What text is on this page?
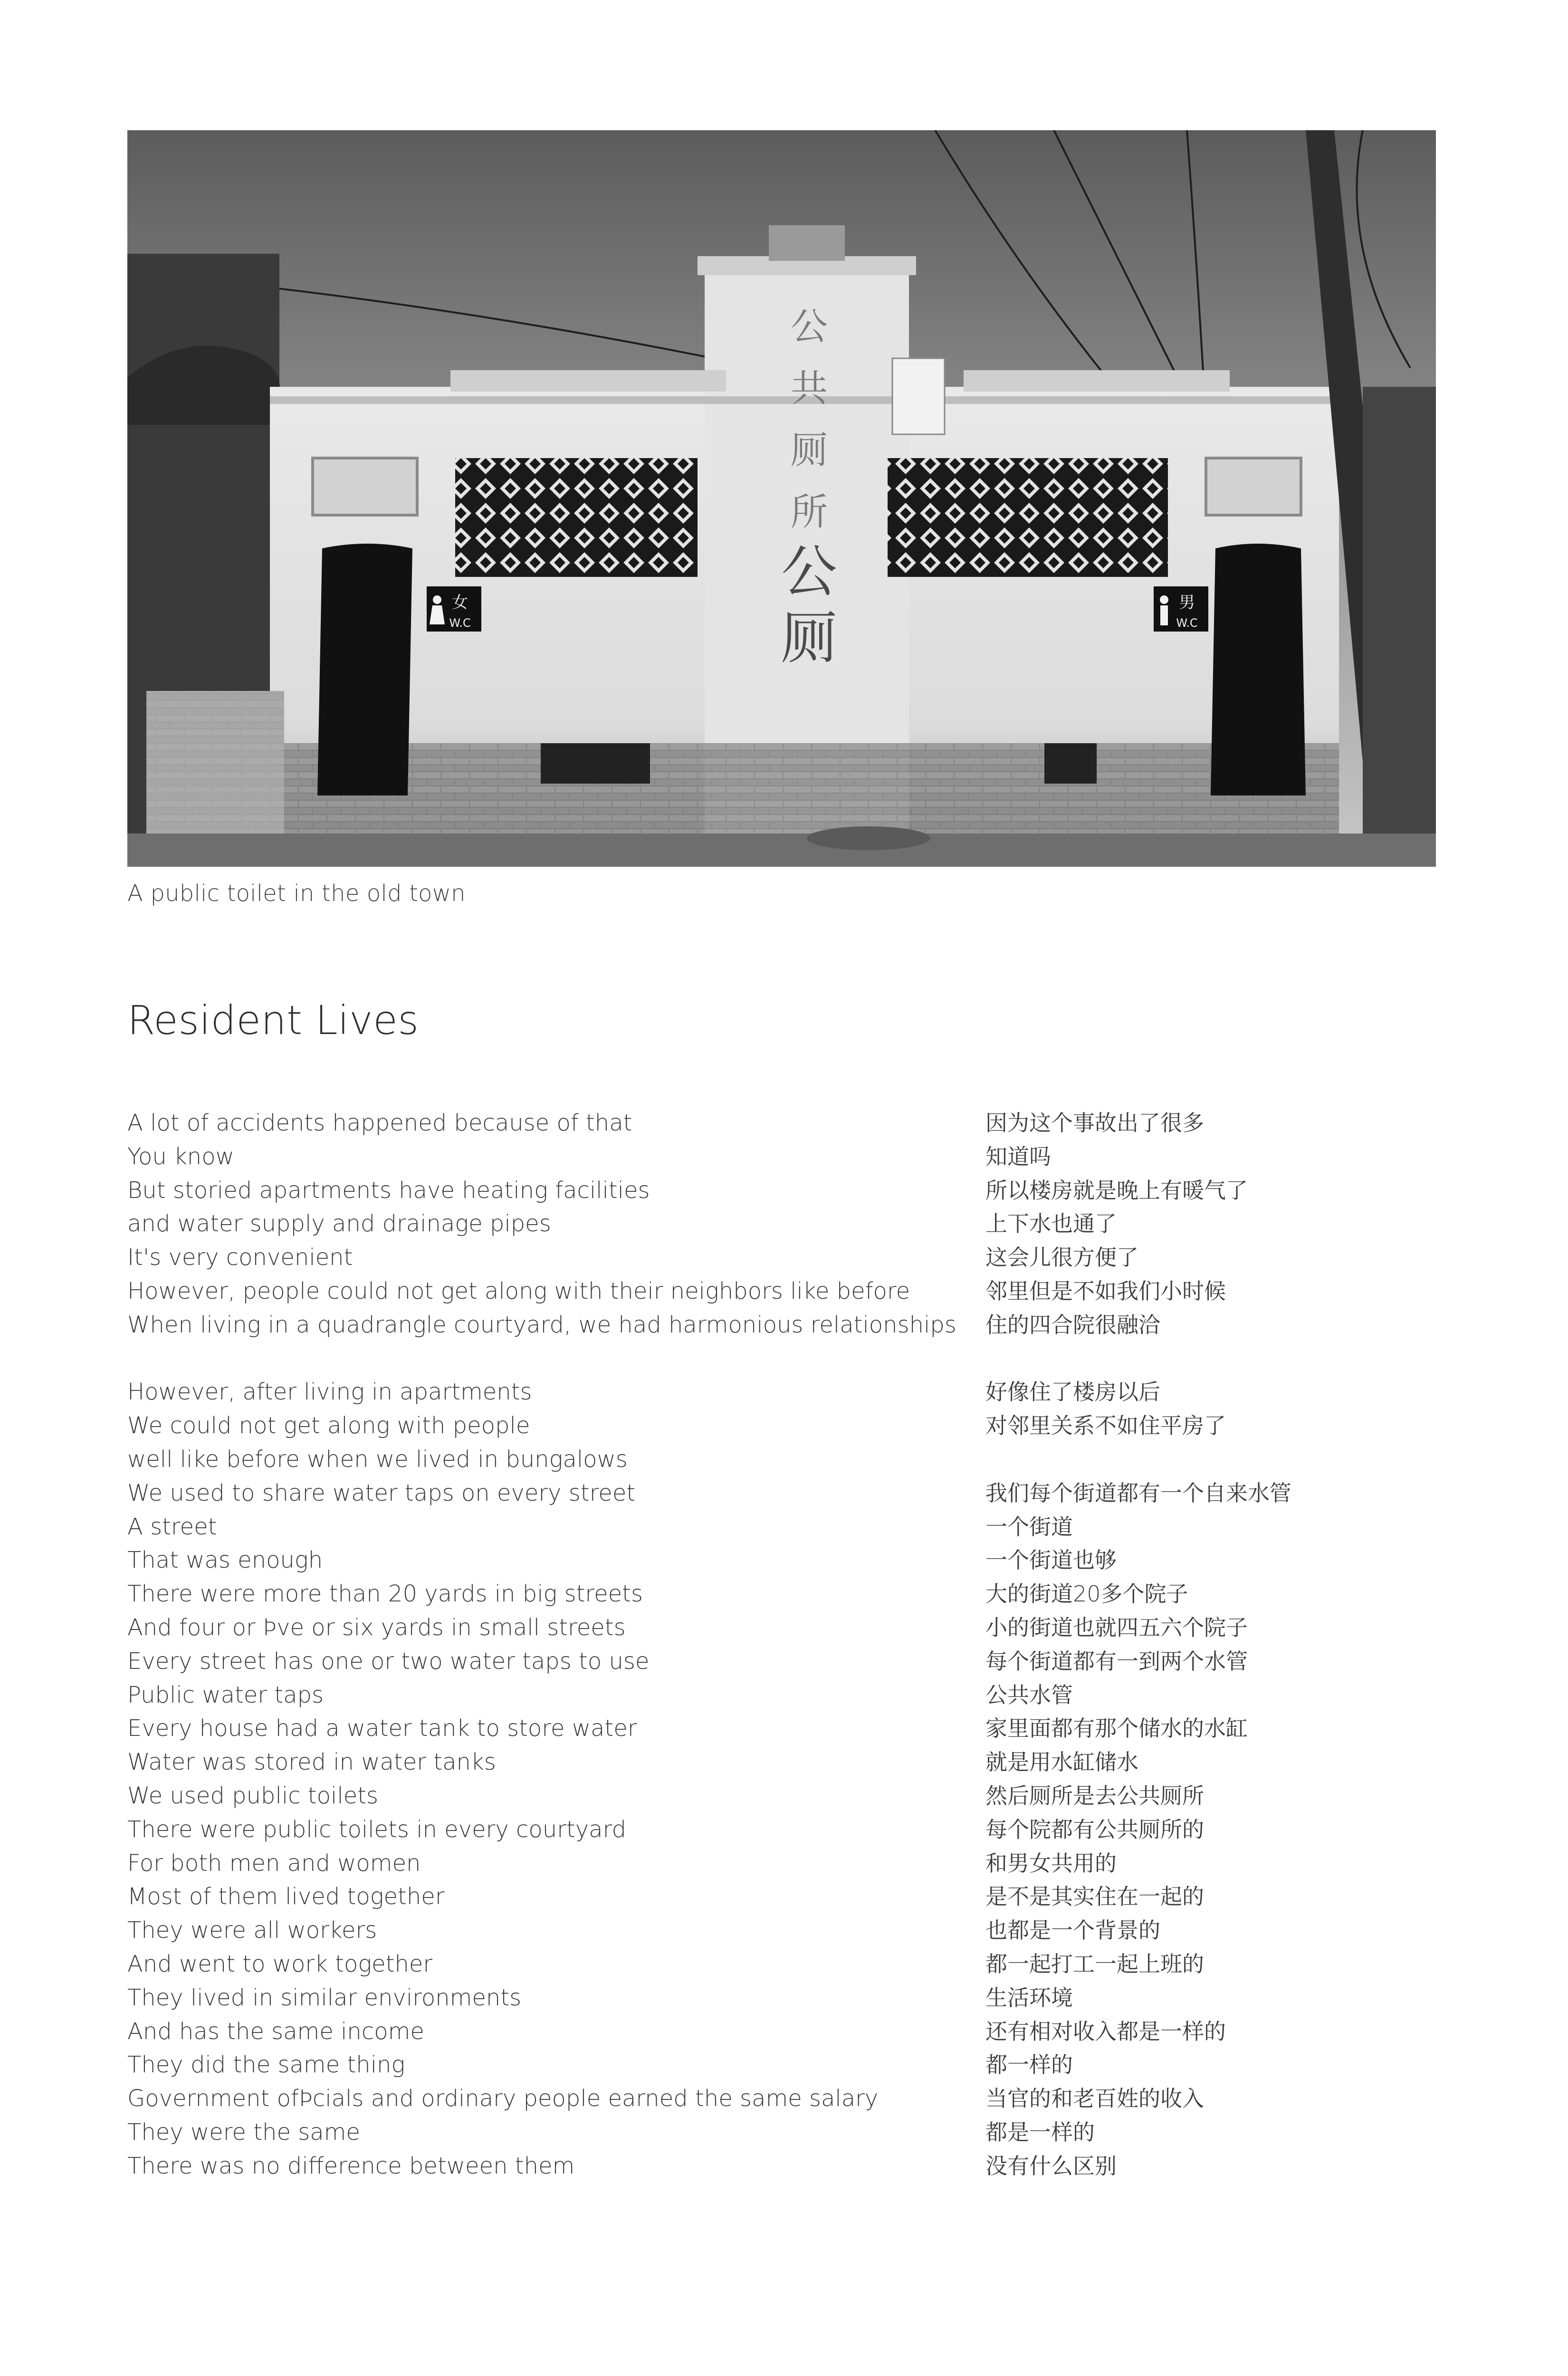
公
共
厕
所
公
厕
女
W.C
男
W.C
A public toilet in the old town
Resident Lives
A lot of accidents happened because of that
You know
But storied apartments have heating facilities
and water supply and drainage pipes
It's very convenient
However, people could not get along with their neighbors like before
When living in a quadrangle courtyard, we had harmonious relationships
However, after living in apartments
We could not get along with people
well like before when we lived in bungalows
We used to share water taps on every street
A street
That was enough
There were more than 20 yards in big streets
And four or Þve or six yards in small streets
Every street has one or two water taps to use
Public water taps
Every house had a water tank to store water
Water was stored in water tanks
We used public toilets
There were public toilets in every courtyard
For both men and women
Most of them lived together
They were all workers
And went to work together
They lived in similar environments
And has the same income
They did the same thing
Government ofÞcials and ordinary people earned the same salary
They were the same
There was no difference between them
因为这个事故出了很多
知道吗
所以楼房就是晚上有暖气了
上下水也通了
这会儿很方便了
邻里但是不如我们小时候
住的四合院很融洽
好像住了楼房以后
对邻里关系不如住平房了
我们每个街道都有一个自来水管
一个街道
一个街道也够
大的街道20多个院子
小的街道也就四五六个院子
每个街道都有一到两个水管
公共水管
家里面都有那个储水的水缸
就是用水缸储水
然后厕所是去公共厕所
每个院都有公共厕所的
和男女共用的
是不是其实住在一起的
也都是一个背景的
都一起打工一起上班的
生活环境
还有相对收入都是一样的
都一样的
当官的和老百姓的收入
都是一样的
没有什么区别
